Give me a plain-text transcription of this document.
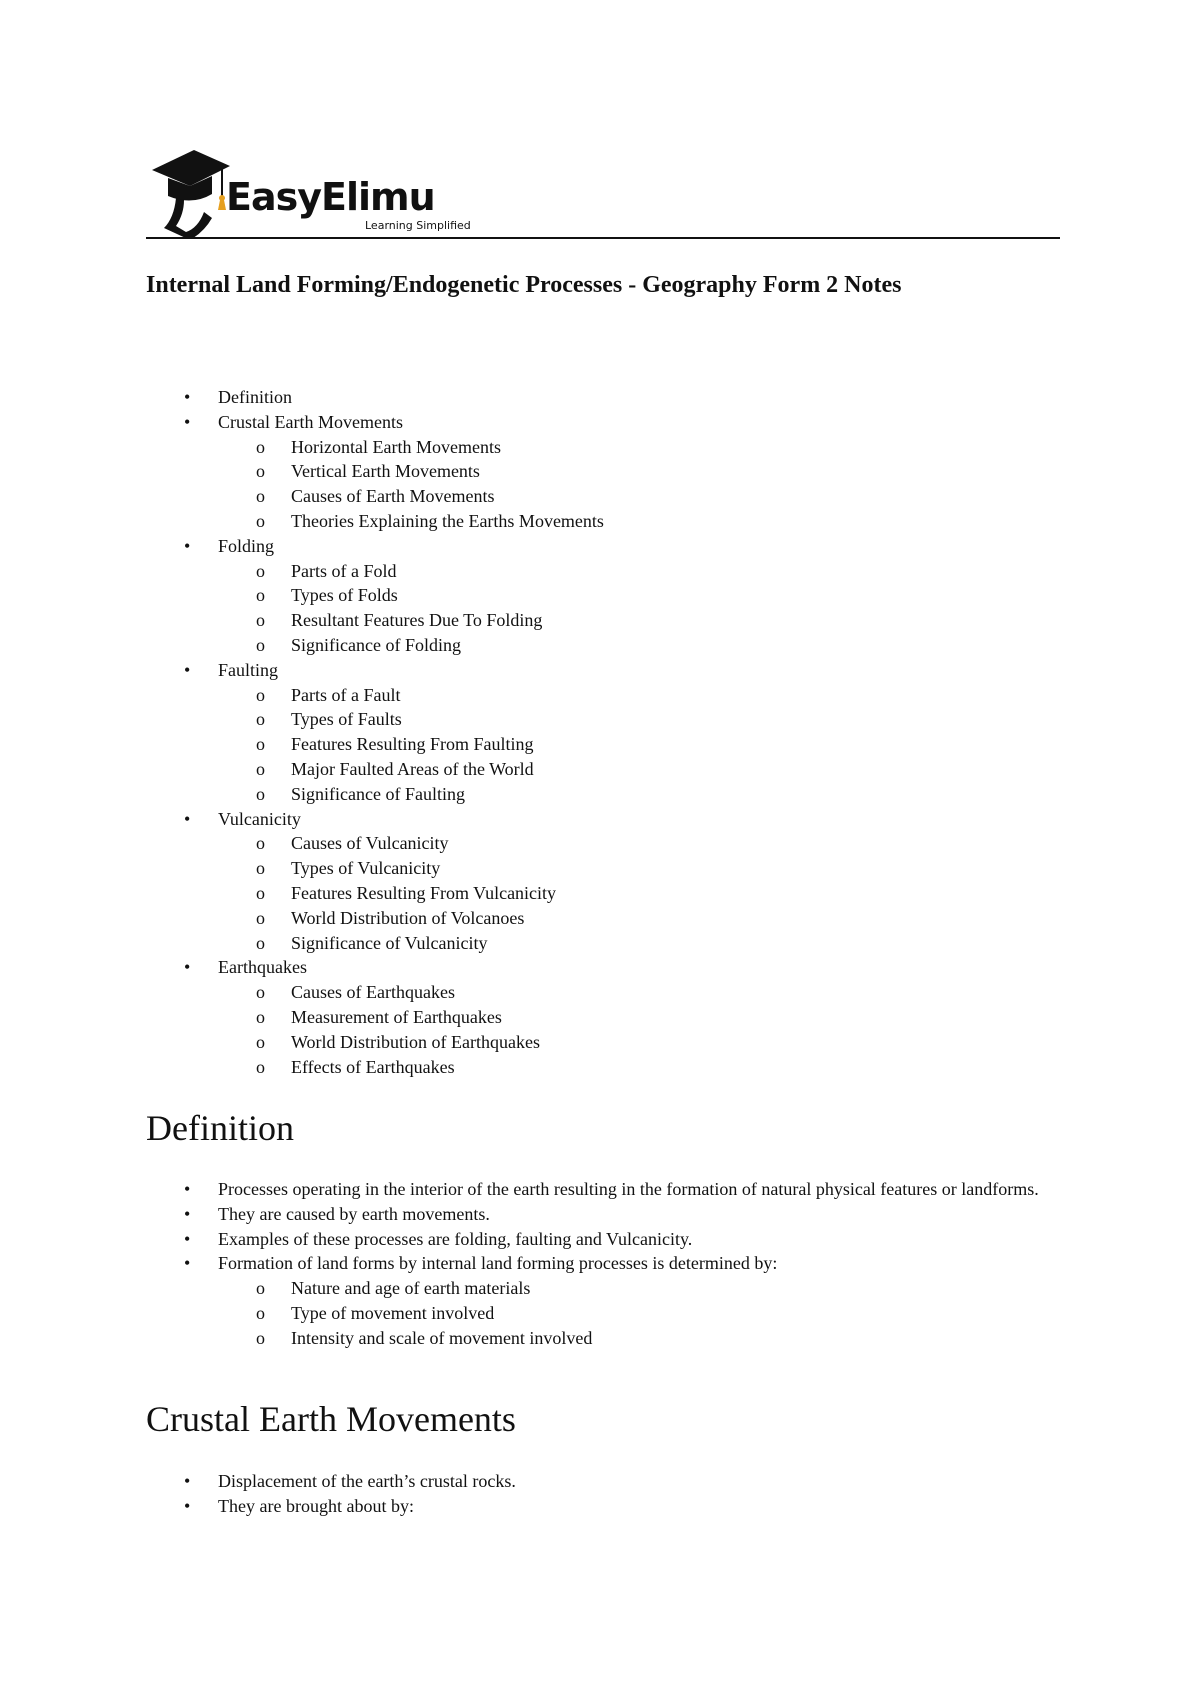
EasyElimu
Learning Simplified
Internal Land Forming/Endogenetic Processes - Geography Form 2 Notes
• Definition
• Crustal Earth Movements
o Horizontal Earth Movements
o Vertical Earth Movements
o Causes of Earth Movements
o Theories Explaining the Earths Movements
• Folding
o Parts of a Fold
o Types of Folds
o Resultant Features Due To Folding
o Significance of Folding
• Faulting
o Parts of a Fault
o Types of Faults
o Features Resulting From Faulting
o Major Faulted Areas of the World
o Significance of Faulting
• Vulcanicity
o Causes of Vulcanicity
o Types of Vulcanicity
o Features Resulting From Vulcanicity
o World Distribution of Volcanoes
o Significance of Vulcanicity
• Earthquakes
o Causes of Earthquakes
o Measurement of Earthquakes
o World Distribution of Earthquakes
o Effects of Earthquakes
Definition
• Processes operating in the interior of the earth resulting in the formation of natural physical features or landforms.
• They are caused by earth movements.
• Examples of these processes are folding, faulting and Vulcanicity.
• Formation of land forms by internal land forming processes is determined by:
o Nature and age of earth materials
o Type of movement involved
o Intensity and scale of movement involved
Crustal Earth Movements
• Displacement of the earth’s crustal rocks.
• They are brought about by:
